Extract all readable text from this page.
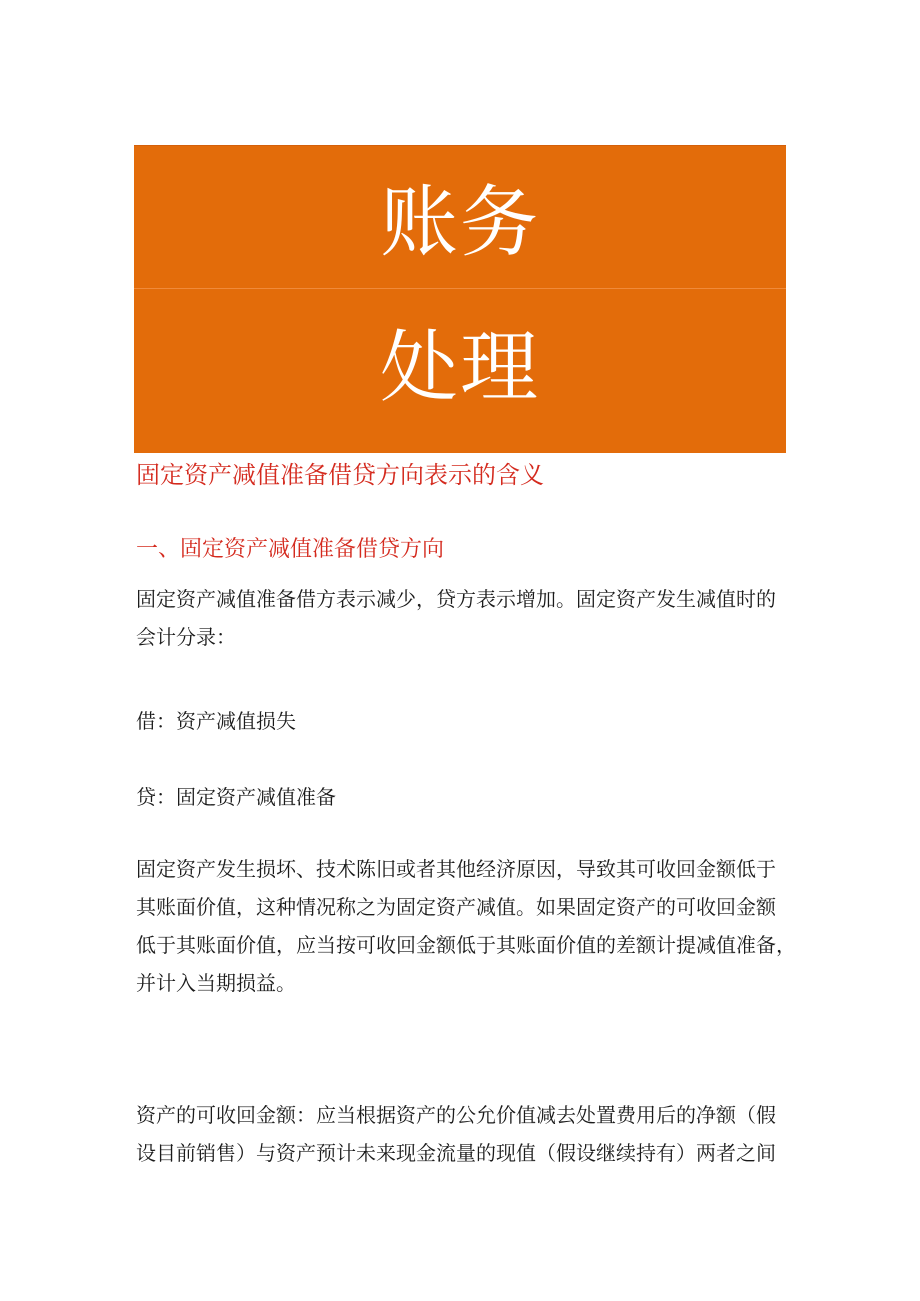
账务
处理
固定资产减值准备借贷方向表示的含义
一、固定资产减值准备借贷方向

固定资产减值准备借方表示减少，贷方表示增加。固定资产发生减值时的
会计分录：

借：资产减值损失

贷：固定资产减值准备

固定资产发生损坏、技术陈旧或者其他经济原因，导致其可收回金额低于
其账面价值，这种情况称之为固定资产减值。如果固定资产的可收回金额
低于其账面价值，应当按可收回金额低于其账面价值的差额计提减值准备，
并计入当期损益。

资产的可收回金额：应当根据资产的公允价值减去处置费用后的净额（假
设目前销售）与资产预计未来现金流量的现值（假设继续持有）两者之间
